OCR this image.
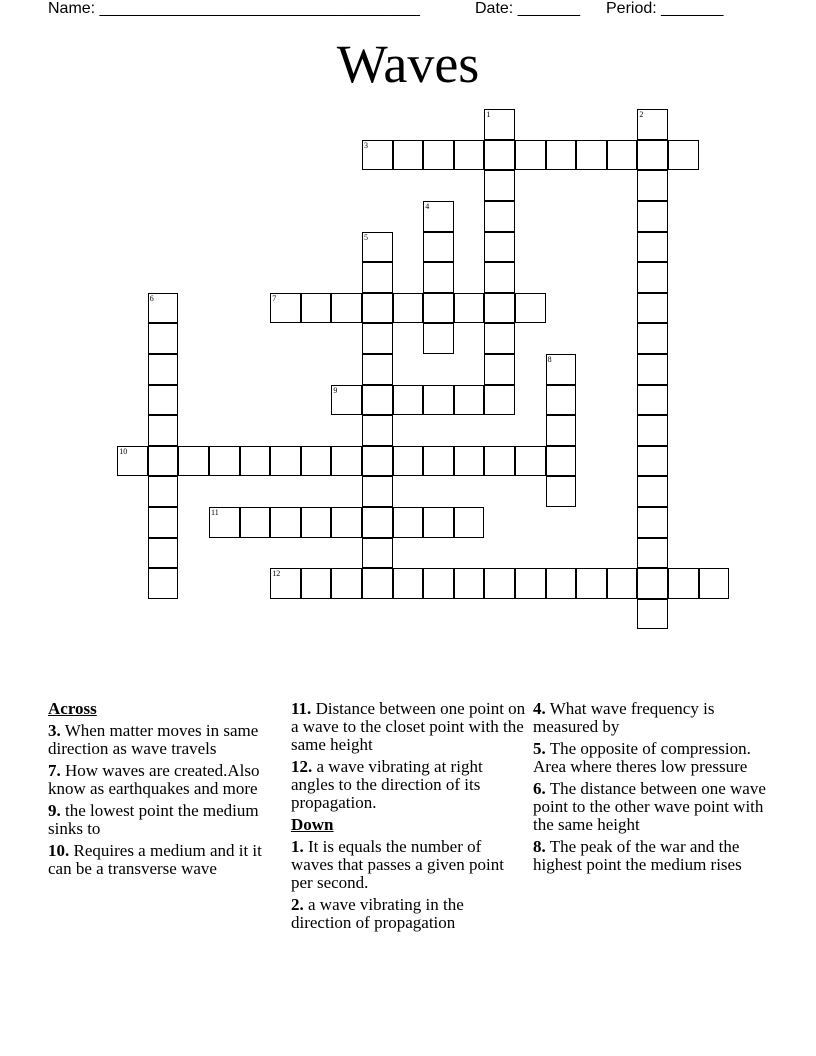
Name: ____________________________________	Date: _______ Period: _______
Waves
1	2
3
4
5
6	7
8
9
10
11
12
Across
3. When matter moves in same direction as wave travels
7. How waves are created.Also know as earthquakes and more
9. the lowest point the medium sinks to
10. Requires a medium and it it can be a transverse wave
11. Distance between one point on a wave to the closet point with the same height
12. a wave vibrating at right angles to the direction of its propagation.
Down
1. It is equals the number of waves that passes a given point per second.
2. a wave vibrating in the direction of propagation
4. What wave frequency is measured by
5. The opposite of compression. Area where theres low pressure
6. The distance between one wave point to the other wave point with the same height
8. The peak of the war and the highest point the medium rises
